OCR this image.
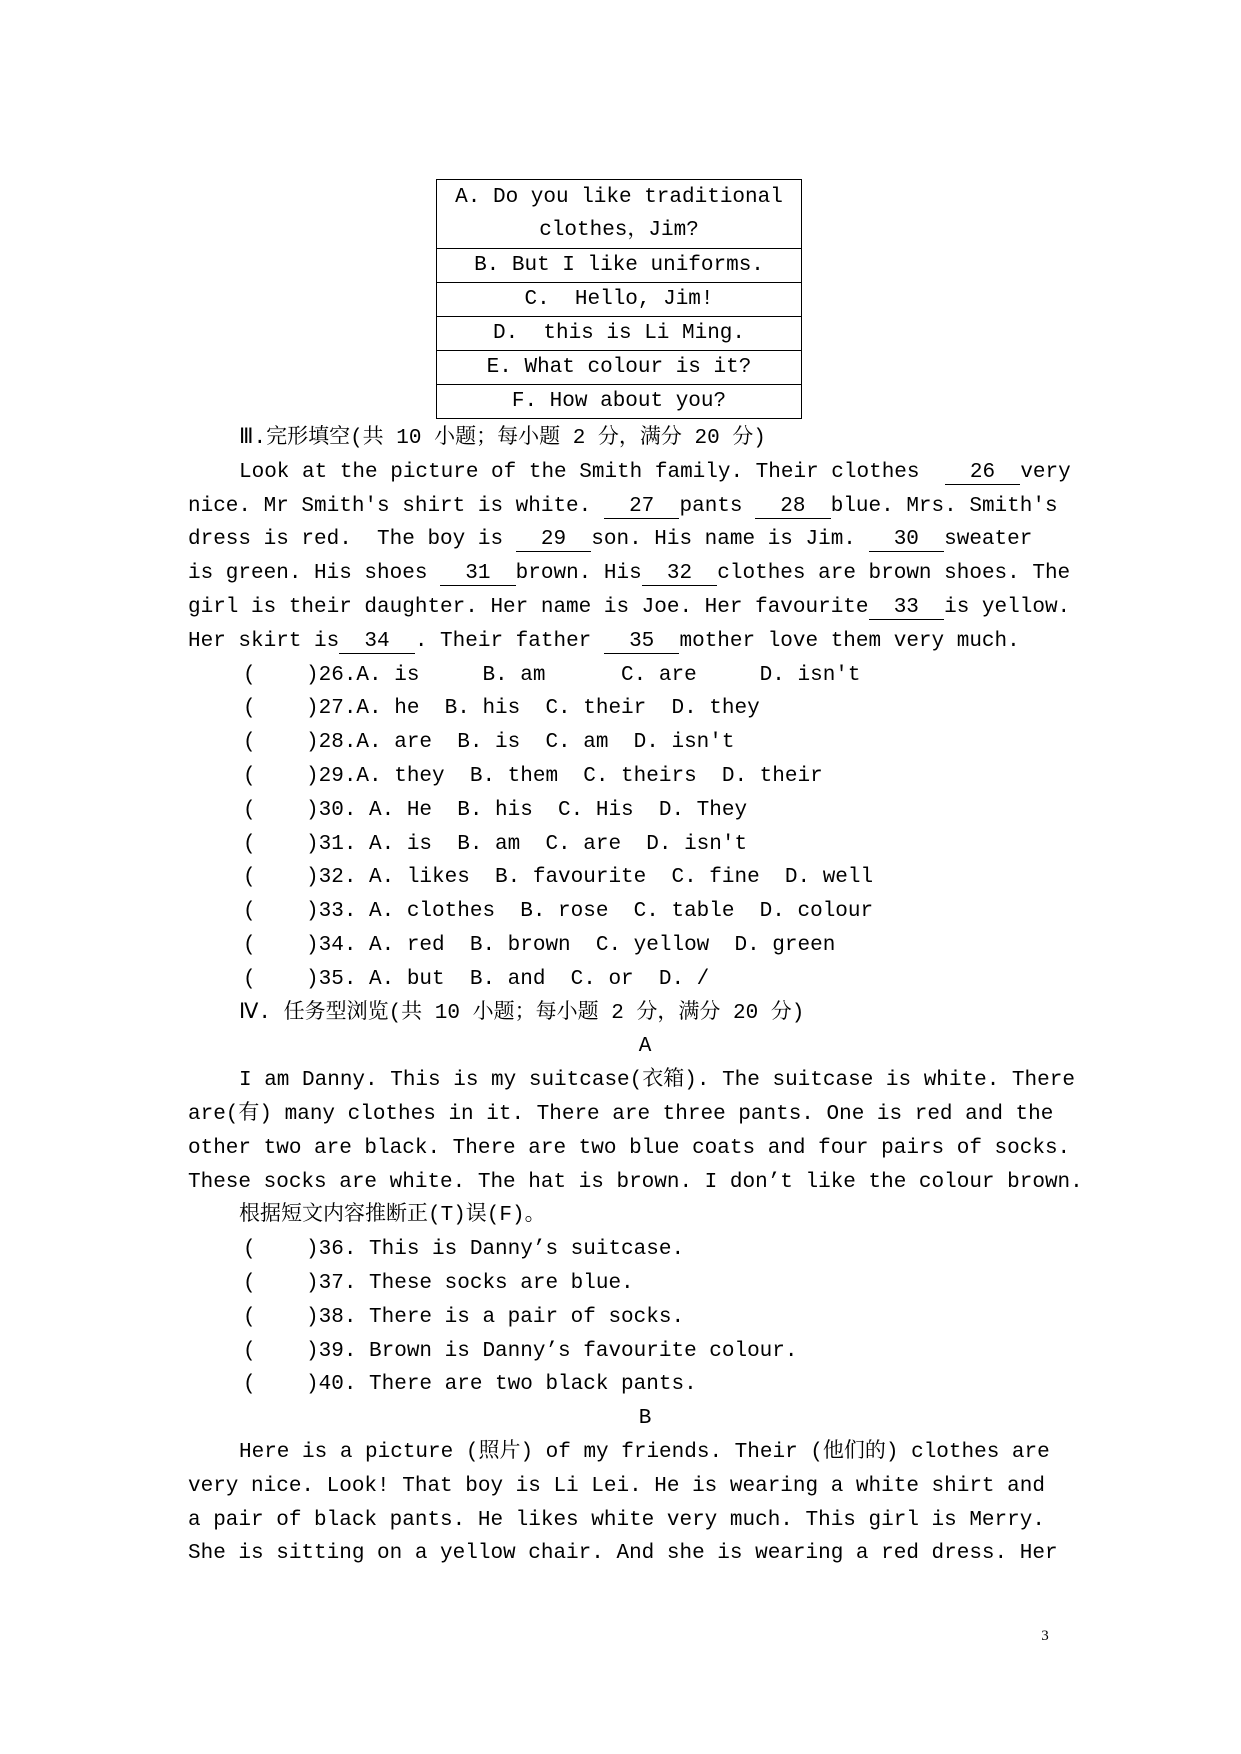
A. Do you like traditional clothes，Jim?
B. But I like uniforms.
C.  Hello, Jim!
D.  this is Li Ming.
E. What colour is it?
F. How about you?
Ⅲ.完形填空(共 10 小题；每小题 2 分，满分 20 分)
Look at the picture of the Smith family. Their clothes  26 very
nice. Mr Smith's shirt is white. 27 pants 28 blue. Mrs. Smith's
dress is red.  The boy is 29 son. His name is Jim. 30 sweater
is green. His shoes 31 brown. His 32 clothes are brown shoes. The
girl is their daughter. Her name is Joe. Her favourite 33 is yellow.
Her skirt is 34 . Their father 35 mother love them very much.
(    )26.A. is     B. am      C. are     D. isn't
(    )27.A. he  B. his  C. their  D. they
(    )28.A. are  B. is  C. am  D. isn't
(    )29.A. they  B. them  C. theirs  D. their
(    )30. A. He  B. his  C. His  D. They
(    )31. A. is  B. am  C. are  D. isn't
(    )32. A. likes  B. favourite  C. fine  D. well
(    )33. A. clothes  B. rose  C. table  D. colour
(    )34. A. red  B. brown  C. yellow  D. green
(    )35. A. but  B. and  C. or  D. /
Ⅳ. 任务型浏览(共 10 小题；每小题 2 分，满分 20 分)
A
I am Danny. This is my suitcase(衣箱). The suitcase is white. There
are(有) many clothes in it. There are three pants. One is red and the
other two are black. There are two blue coats and four pairs of socks.
These socks are white. The hat is brown. I don’t like the colour brown.
根据短文内容推断正(T)误(F)。
(    )36. This is Danny’s suitcase.
(    )37. These socks are blue.
(    )38. There is a pair of socks.
(    )39. Brown is Danny’s favourite colour.
(    )40. There are two black pants.
B
Here is a picture (照片) of my friends. Their (他们的) clothes are
very nice. Look! That boy is Li Lei. He is wearing a white shirt and
a pair of black pants. He likes white very much. This girl is Merry.
She is sitting on a yellow chair. And she is wearing a red dress. Her
3
